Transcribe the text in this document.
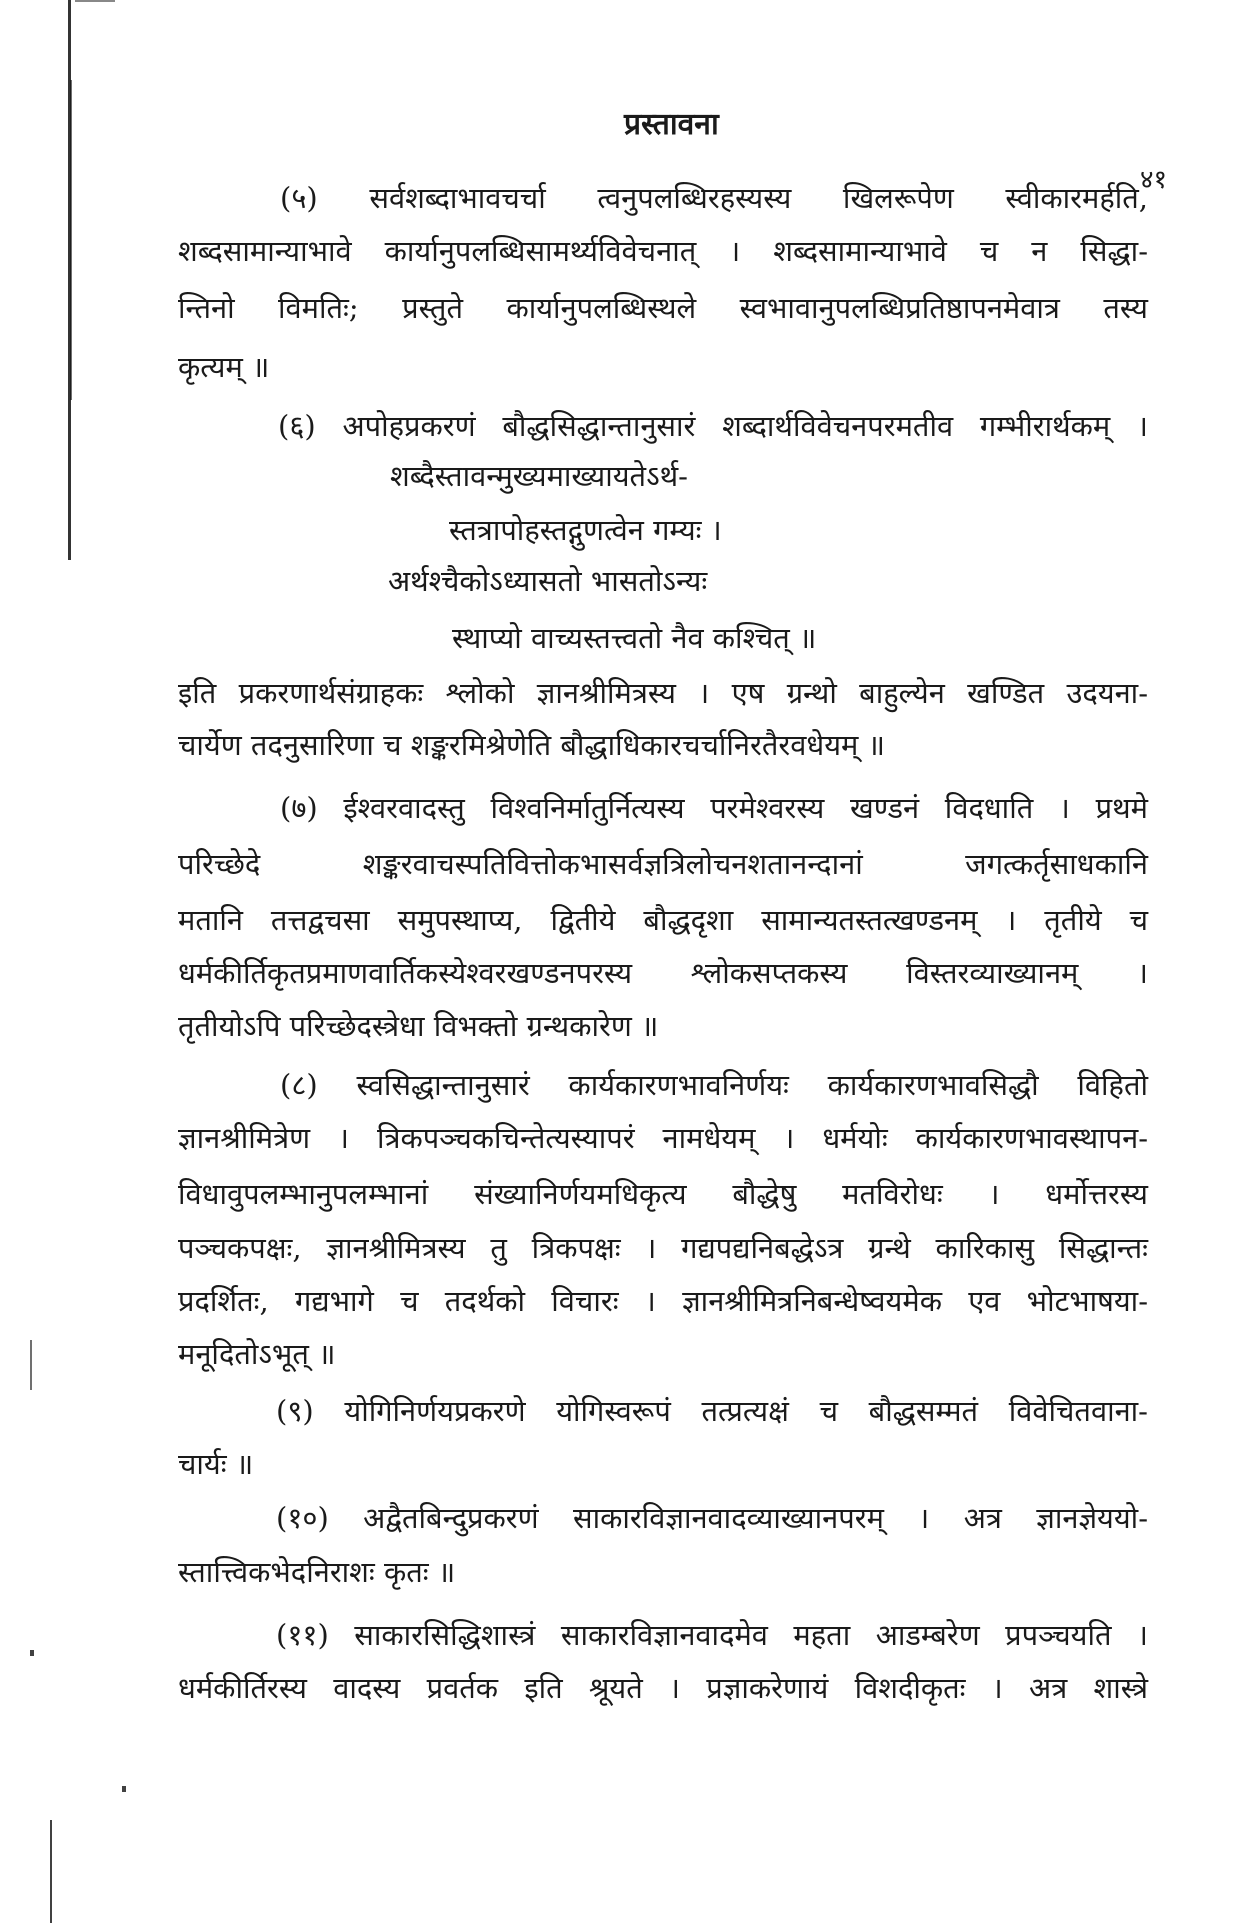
प्रस्तावना
४१
(५) सर्वशब्दाभावचर्चा त्वनुपलब्धिरहस्यस्य खिलरूपेण स्वीकारमर्हति,
शब्दसामान्याभावे कार्यानुपलब्धिसामर्थ्यविवेचनात् । शब्दसामान्याभावे च न सिद्धा-
न्तिनो विमतिः; प्रस्तुते कार्यानुपलब्धिस्थले स्वभावानुपलब्धिप्रतिष्ठापनमेवात्र तस्य
कृत्यम् ॥
(६) अपोहप्रकरणं बौद्धसिद्धान्तानुसारं शब्दार्थविवेचनपरमतीव गम्भीरार्थकम् ।
शब्दैस्तावन्मुख्यमाख्यायतेऽर्थ-
स्तत्रापोहस्तद्गुणत्वेन गम्यः ।
अर्थश्चैकोऽध्यासतो भासतोऽन्यः
स्थाप्यो वाच्यस्तत्त्वतो नैव कश्चित् ॥
इति प्रकरणार्थसंग्राहकः श्लोको ज्ञानश्रीमित्रस्य । एष ग्रन्थो बाहुल्येन खण्डित उदयना-
चार्येण तदनुसारिणा च शङ्करमिश्रेणेति बौद्धाधिकारचर्चानिरतैरवधेयम् ॥
(७) ईश्वरवादस्तु विश्वनिर्मातुर्नित्यस्य परमेश्वरस्य खण्डनं विदधाति । प्रथमे
परिच्छेदे शङ्करवाचस्पतिवित्तोकभासर्वज्ञत्रिलोचनशतानन्दानां जगत्कर्तृसाधकानि
मतानि तत्तद्वचसा समुपस्थाप्य, द्वितीये बौद्धदृशा सामान्यतस्तत्खण्डनम् । तृतीये च
धर्मकीर्तिकृतप्रमाणवार्तिकस्येश्वरखण्डनपरस्य श्लोकसप्तकस्य विस्तरव्याख्यानम् ।
तृतीयोऽपि परिच्छेदस्त्रेधा विभक्तो ग्रन्थकारेण ॥
(८) स्वसिद्धान्तानुसारं कार्यकारणभावनिर्णयः कार्यकारणभावसिद्धौ विहितो
ज्ञानश्रीमित्रेण । त्रिकपञ्चकचिन्तेत्यस्यापरं नामधेयम् । धर्मयोः कार्यकारणभावस्थापन-
विधावुपलम्भानुपलम्भानां संख्यानिर्णयमधिकृत्य बौद्धेषु मतविरोधः । धर्मोत्तरस्य
पञ्चकपक्षः, ज्ञानश्रीमित्रस्य तु त्रिकपक्षः । गद्यपद्यनिबद्धेऽत्र ग्रन्थे कारिकासु सिद्धान्तः
प्रदर्शितः, गद्यभागे च तदर्थको विचारः । ज्ञानश्रीमित्रनिबन्धेष्वयमेक एव भोटभाषया-
मनूदितोऽभूत् ॥
(९) योगिनिर्णयप्रकरणे योगिस्वरूपं तत्प्रत्यक्षं च बौद्धसम्मतं विवेचितवाना-
चार्यः ॥
(१०) अद्वैतबिन्दुप्रकरणं साकारविज्ञानवादव्याख्यानपरम् । अत्र ज्ञानज्ञेययो-
स्तात्त्विकभेदनिराशः कृतः ॥
(११) साकारसिद्धिशास्त्रं साकारविज्ञानवादमेव महता आडम्बरेण प्रपञ्चयति ।
धर्मकीर्तिरस्य वादस्य प्रवर्तक इति श्रूयते । प्रज्ञाकरेणायं विशदीकृतः । अत्र शास्त्रे
